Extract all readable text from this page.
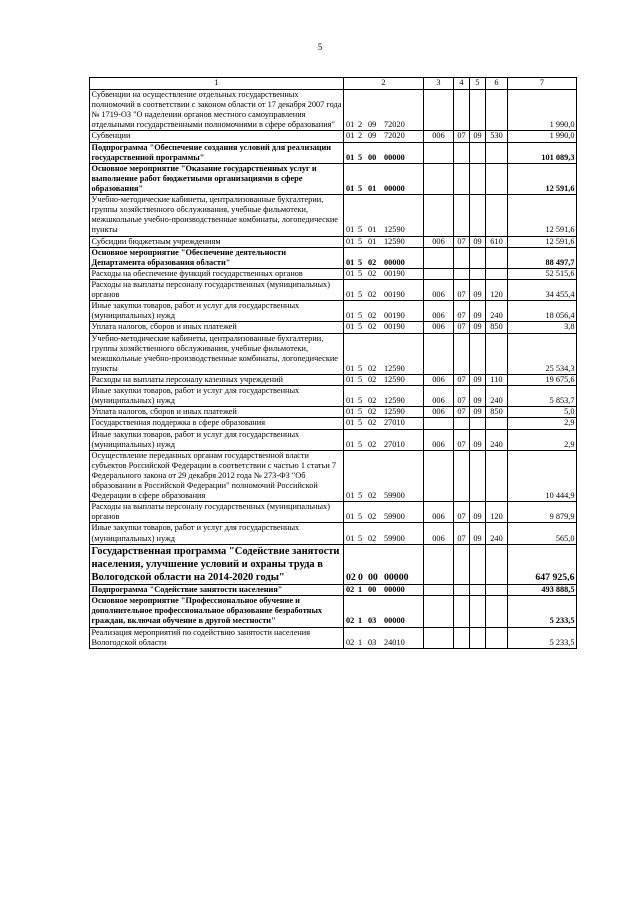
5
1	2	3	4	5	6	7
Субвенции на осуществление отдельных государственных полномочий в соответствии с законом области от 17 декабря 2007 года № 1719-ОЗ "О наделении органов местного самоуправления отдельными государственными полномочиями в сфере образования"	01 2 09 72020					1 990,0
Субвенции	01 2 09 72020	006	07	09	530	1 990,0
Подпрограмма "Обеспечение создания условий для реализации государственной программы"	01 5 00 00000					101 089,3
Основное мероприятие "Оказание государственных услуг и выполнение работ бюджетными организациями в сфере образования"	01 5 01 00000					12 591,6
Учебно-методические кабинеты, централизованные бухгалтерии, группы хозяйственного обслуживания, учебные фильмотеки, межшкольные учебно-производственные комбинаты, логопедические пункты	01 5 01 12590					12 591,6
Субсидии бюджетным учреждениям	01 5 01 12590	006	07	09	610	12 591,6
Основное мероприятие "Обеспечение деятельности Департамента образования области"	01 5 02 00000					88 497,7
Расходы на обеспечение функций государственных органов	01 5 02 00190					52 515,6
Расходы на выплаты персоналу государственных (муниципальных) органов	01 5 02 00190	006	07	09	120	34 455,4
Иные закупки товаров, работ и услуг для государственных (муниципальных) нужд	01 5 02 00190	006	07	09	240	18 056,4
Уплата налогов, сборов и иных платежей	01 5 02 00190	006	07	09	850	3,8
Учебно-методические кабинеты, централизованные бухгалтерии, группы хозяйственного обслуживания, учебные фильмотеки, межшкольные учебно-производственные комбинаты, логопедические пункты	01 5 02 12590					25 534,3
Расходы на выплаты персоналу казенных учреждений	01 5 02 12590	006	07	09	110	19 675,6
Иные закупки товаров, работ и услуг для государственных (муниципальных) нужд	01 5 02 12590	006	07	09	240	5 853,7
Уплата налогов, сборов и иных платежей	01 5 02 12590	006	07	09	850	5,0
Государственная поддержка в сфере образования	01 5 02 27010					2,9
Иные закупки товаров, работ и услуг для государственных (муниципальных) нужд	01 5 02 27010	006	07	09	240	2,9
Осуществление переданных органам государственной власти субъектов Российской Федерации в соответствии с частью 1 статьи 7 Федерального закона от 29 декабря 2012 года № 273-ФЗ "Об образовании в Российской Федерации" полномочий Российской Федерации в сфере образования	01 5 02 59900					10 444,9
Расходы на выплаты персоналу государственных (муниципальных) органов	01 5 02 59900	006	07	09	120	9 879,9
Иные закупки товаров, работ и услуг для государственных (муниципальных) нужд	01 5 02 59900	006	07	09	240	565,0
Государственная программа "Содействие занятости населения, улучшение условий и охраны труда в Вологодской области на 2014-2020 годы"	02 0 00 00000					647 925,6
Подпрограмма "Содействие занятости населения"	02 1 00 00000					493 888,5
Основное мероприятие "Профессиональное обучение и дополнительное профессиональное образование безработных граждан, включая обучение в другой местности"	02 1 03 00000					5 233,5
Реализация мероприятий по содействию занятости населения Вологодской области	02 1 03 24010					5 233,5
